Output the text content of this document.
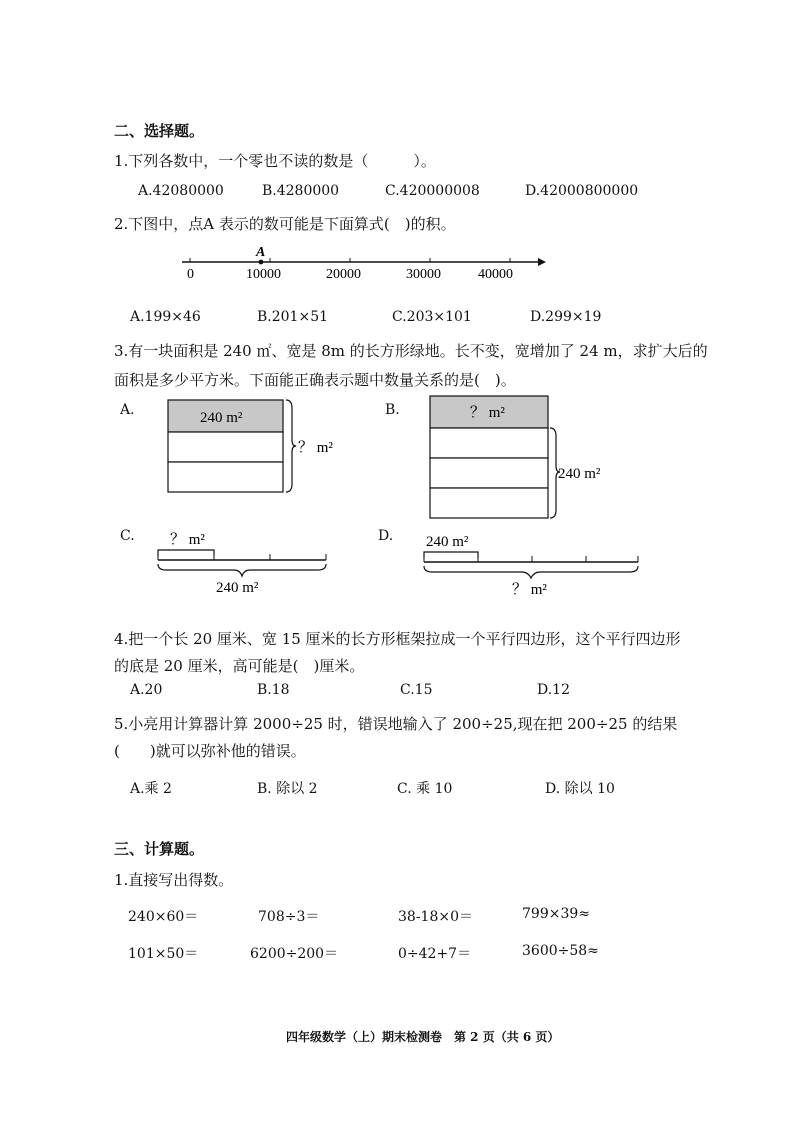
二、选择题。
1.下列各数中，一个零也不读的数是（　　　）。
A.42080000	B.4280000	C.420000008	D.42000800000
2.下图中，点A 表示的数可能是下面算式(　)的积。
A
0	10000	20000	30000	40000
A.199×46	B.201×51	C.203×101	D.299×19
3.有一块面积是 240 ㎡、宽是 8m 的长方形绿地。长不变，宽增加了 24 m，求扩大后的
面积是多少平方米。下面能正确表示题中数量关系的是(　)。
A.	240 m²
？ m²
B.	？ m²
240 m²
C. ？ m²
240 m²
D. 240 m²
？ m²
4.把一个长 20 厘米、宽 15 厘米的长方形框架拉成一个平行四边形，这个平行四边形
的底是 20 厘米，高可能是(　)厘米。
A.20	B.18	C.15	D.12
5.小亮用计算器计算 2000÷25 时，错误地输入了 200÷25,现在把 200÷25 的结果
(　　)就可以弥补他的错误。
A.乘 2	B. 除以 2	C. 乘 10	D. 除以 10
三、计算题。
1.直接写出得数。
240×60＝	708÷3＝	38-18×0＝	799×39≈
101×50＝	6200÷200＝	0÷42+7＝	3600÷58≈
四年级数学（上）期末检测卷　第 2 页（共 6 页）
